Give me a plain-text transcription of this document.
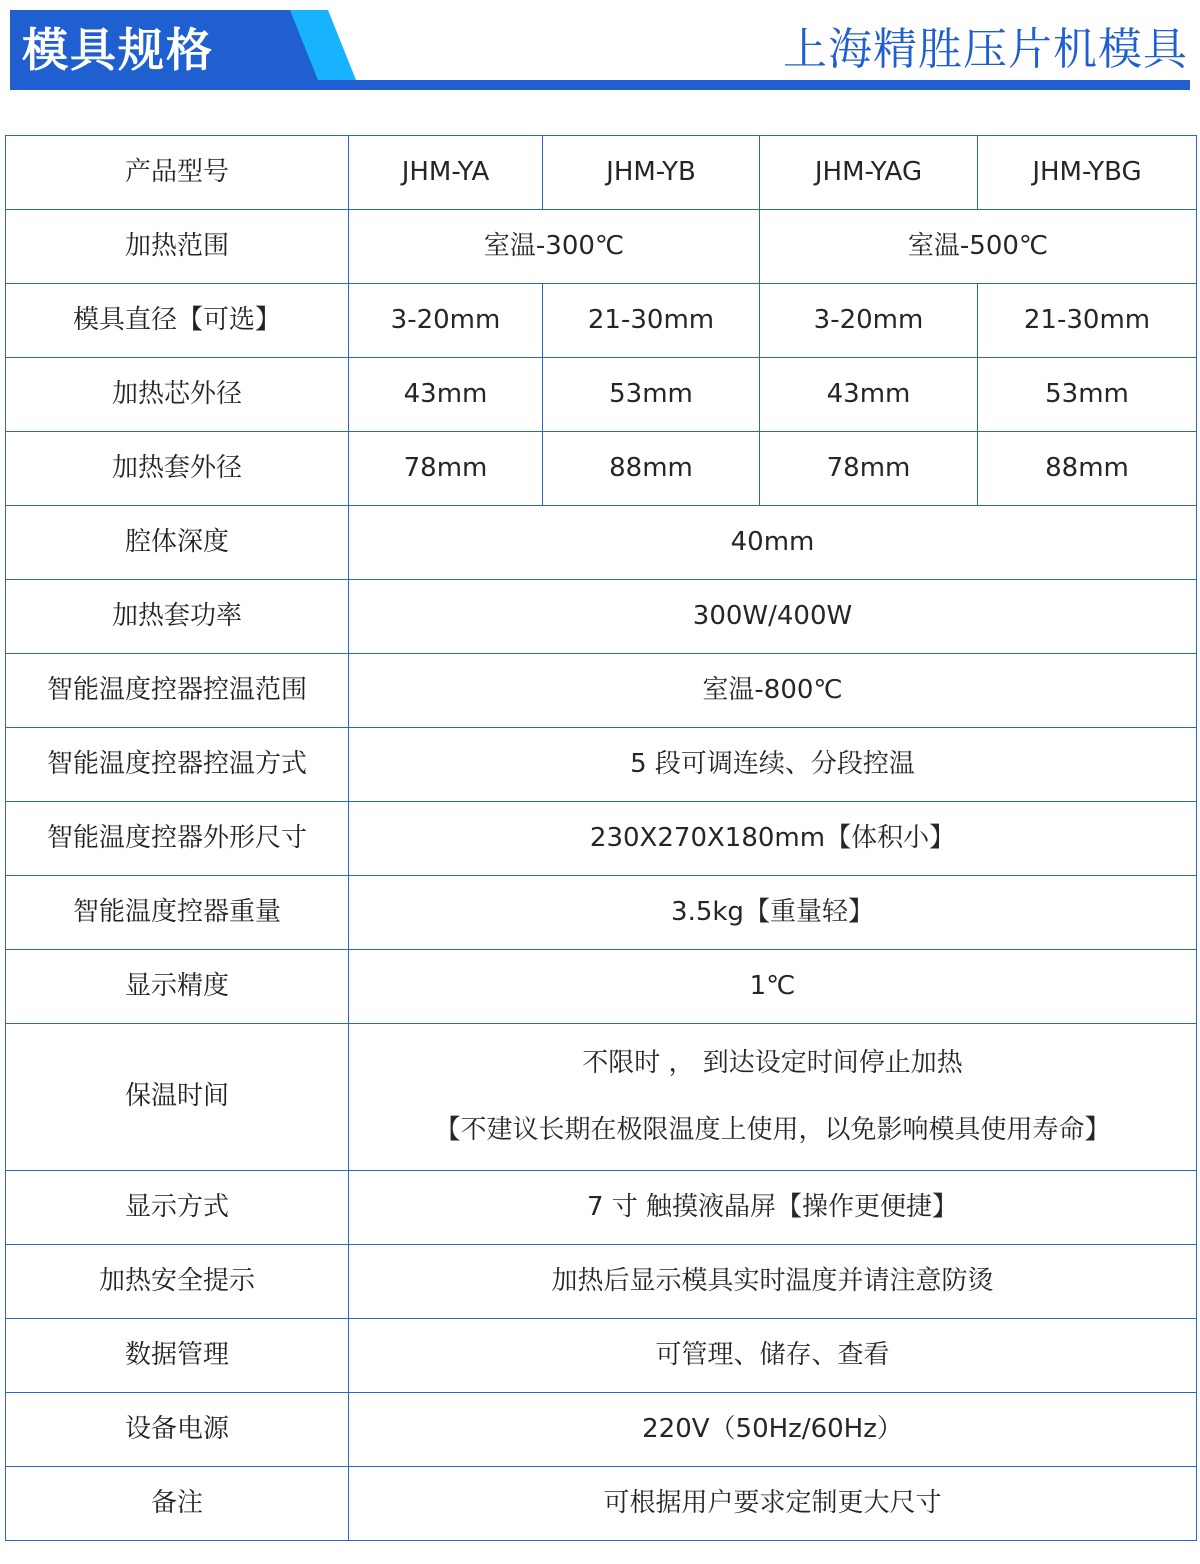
模具规格	上海精胜压片机模具
产品型号	JHM-YA	JHM-YB	JHM-YAG	JHM-YBG
加热范围	室温-300℃		室温-500℃	
模具直径【可选】	3-20mm	21-30mm	3-20mm	21-30mm
加热芯外径	43mm	53mm	43mm	53mm
加热套外径	78mm	88mm	78mm	88mm
腔体深度	40mm			
加热套功率	300W/400W			
智能温度控器控温范围	室温-800℃			
智能温度控器控温方式	5 段可调连续、分段控温			
智能温度控器外形尺寸	230X270X180mm【体积小】			
智能温度控器重量	3.5kg【重量轻】			
显示精度	1℃			
保温时间	不限时 ， 到达设定时间停止加热
【不建议长期在极限温度上使用，以免影响模具使用寿命】			

显示方式	7 寸 触摸液晶屏【操作更便捷】			
加热安全提示	加热后显示模具实时温度并请注意防烫			
数据管理	可管理、储存、查看			
设备电源	220V（50Hz/60Hz）			
备注	可根据用户要求定制更大尺寸			
